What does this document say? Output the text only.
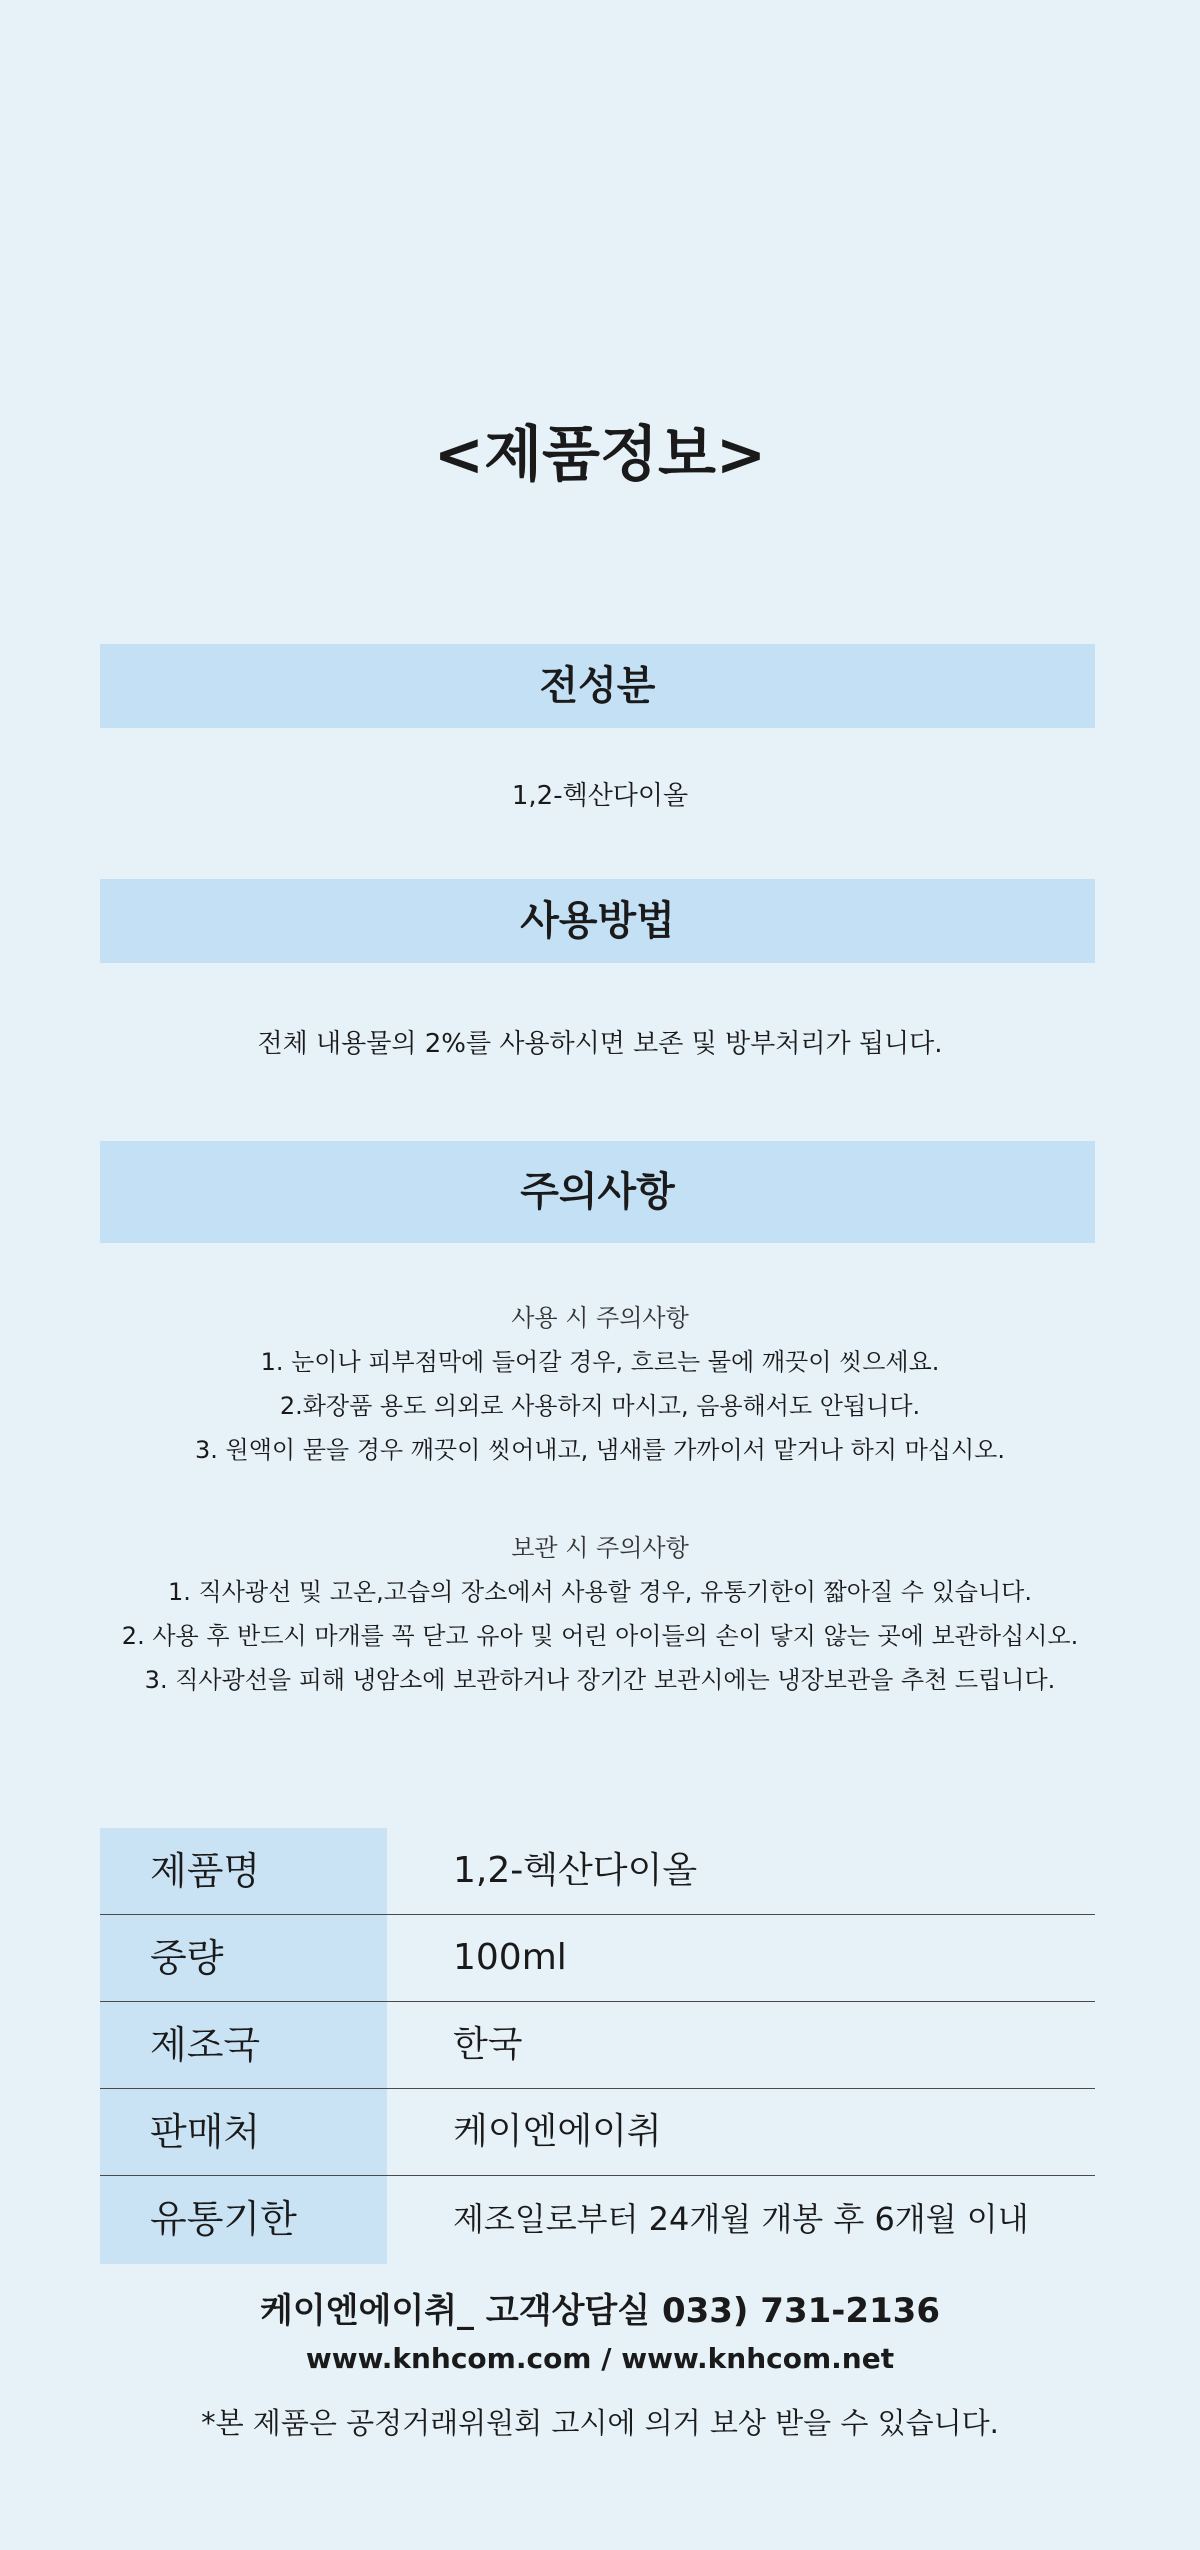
<제품정보>
전성분
1,2-헥산다이올
사용방법
전체 내용물의 2%를 사용하시면 보존 및 방부처리가 됩니다.
주의사항
사용 시 주의사항
1. 눈이나 피부점막에 들어갈 경우, 흐르는 물에 깨끗이 씻으세요.
2.화장품 용도 의외로 사용하지 마시고, 음용해서도 안됩니다.
3. 원액이 묻을 경우 깨끗이 씻어내고, 냄새를 가까이서 맡거나 하지 마십시오.
보관 시 주의사항
1. 직사광선 및 고온,고습의 장소에서 사용할 경우, 유통기한이 짧아질 수 있습니다.
2. 사용 후 반드시 마개를 꼭 닫고 유아 및 어린 아이들의 손이 닿지 않는 곳에 보관하십시오.
3. 직사광선을 피해 냉암소에 보관하거나 장기간 보관시에는 냉장보관을 추천 드립니다.
제품명	1,2-헥산다이올
중량	100ml
제조국	한국
판매처	케이엔에이취
유통기한	제조일로부터 24개월 개봉 후 6개월 이내
케이엔에이취_ 고객상담실 033) 731-2136
www.knhcom.com / www.knhcom.net
*본 제품은 공정거래위원회 고시에 의거 보상 받을 수 있습니다.
